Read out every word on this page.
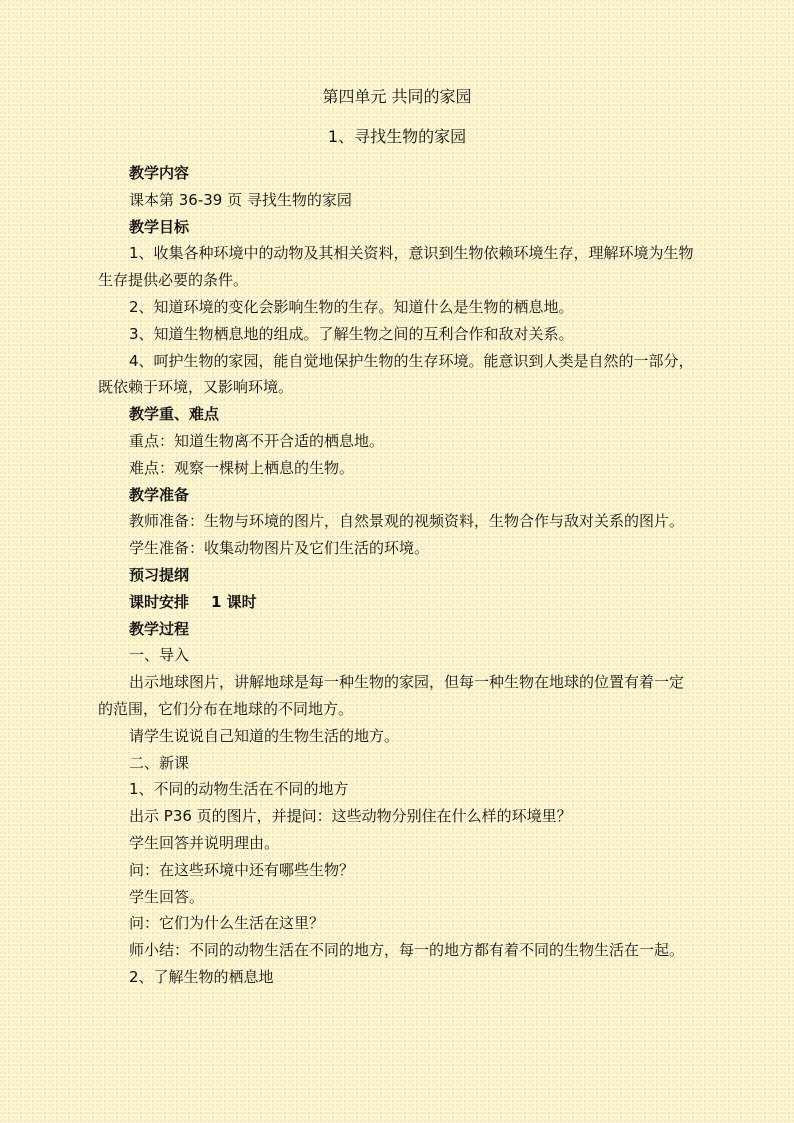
第四单元 共同的家园

1、寻找生物的家园

教学内容

课本第 36-39 页 寻找生物的家园

教学目标

1、收集各种环境中的动物及其相关资料，意识到生物依赖环境生存，理解环境为生物生存提供必要的条件。

2、知道环境的变化会影响生物的生存。知道什么是生物的栖息地。

3、知道生物栖息地的组成。了解生物之间的互利合作和敌对关系。

4、呵护生物的家园，能自觉地保护生物的生存环境。能意识到人类是自然的一部分，既依赖于环境，又影响环境。

教学重、难点

重点：知道生物离不开合适的栖息地。

难点：观察一棵树上栖息的生物。

教学准备

教师准备：生物与环境的图片，自然景观的视频资料，生物合作与敌对关系的图片。

学生准备：收集动物图片及它们生活的环境。

预习提纲

课时安排 1 课时

教学过程

一、导入

出示地球图片，讲解地球是每一种生物的家园，但每一种生物在地球的位置有着一定的范围，它们分布在地球的不同地方。

请学生说说自己知道的生物生活的地方。

二、新课

1、不同的动物生活在不同的地方

出示 P36 页的图片，并提问：这些动物分别住在什么样的环境里？

学生回答并说明理由。

问：在这些环境中还有哪些生物？

学生回答。

问：它们为什么生活在这里？

师小结：不同的动物生活在不同的地方，每一的地方都有着不同的生物生活在一起。

2、了解生物的栖息地
